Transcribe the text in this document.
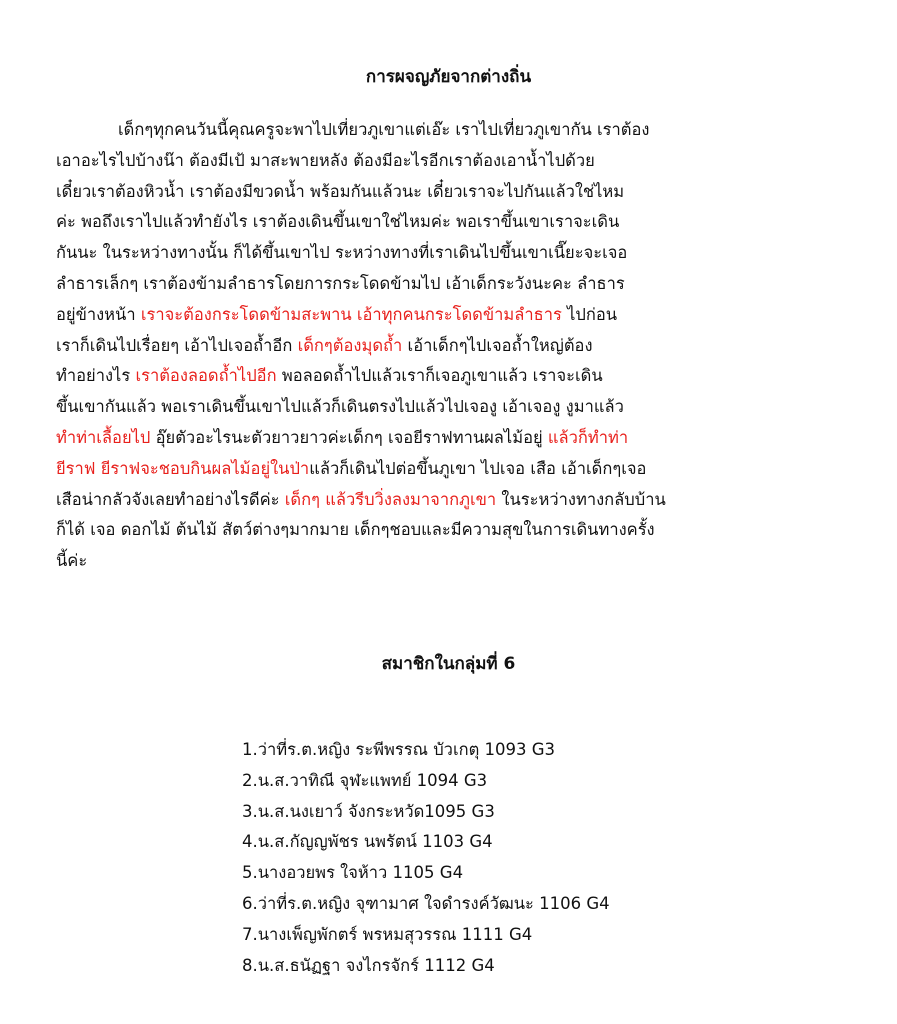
การผจญภัยจากต่างถิ่น
เด็กๆทุกคนวันนี้คุณครูจะพาไปเที่ยวภูเขาแต่เอ๊ะ เราไปเที่ยวภูเขากัน เราต้อง
เอาอะไรไปบ้างน๊า ต้องมีเป้ มาสะพายหลัง ต้องมีอะไรอีกเราต้องเอาน้ำไปด้วย
เดี๋ยวเราต้องหิวน้ำ เราต้องมีขวดน้ำ พร้อมกันแล้วนะ เดี๋ยวเราจะไปกันแล้วใช่ไหม
ค่ะ พอถึงเราไปแล้วทำยังไร เราต้องเดินขึ้นเขาใช่ไหมค่ะ พอเราขึ้นเขาเราจะเดิน
กันนะ ในระหว่างทางนั้น ก็ได้ขึ้นเขาไป ระหว่างทางที่เราเดินไปขึ้นเขาเนี๊ยะจะเจอ
ลำธารเล็กๆ เราต้องข้ามลำธารโดยการกระโดดข้ามไป เอ้าเด็กระวังนะคะ ลำธาร
อยู่ข้างหน้า เราจะต้องกระโดดข้ามสะพาน เอ้าทุกคนกระโดดข้ามลำธาร ไปก่อน
เราก็เดินไปเรื่อยๆ เอ้าไปเจอถ้ำอีก เด็กๆต้องมุดถ้ำ เอ้าเด็กๆไปเจอถ้ำใหญ่ต้อง
ทำอย่างไร เราต้องลอดถ้ำไปอีก พอลอดถ้ำไปแล้วเราก็เจอภูเขาแล้ว เราจะเดิน
ขึ้นเขากันแล้ว พอเราเดินขึ้นเขาไปแล้วก็เดินตรงไปแล้วไปเจองู เอ้าเจองู งูมาแล้ว
ทำท่าเลื้อยไป อุ๊ยตัวอะไรนะตัวยาวยาวค่ะเด็กๆ เจอยีราฟทานผลไม้อยู่ แล้วก็ทำท่า
ยีราฟ ยีราฟจะชอบกินผลไม้อยู่ในป่าแล้วก็เดินไปต่อขึ้นภูเขา ไปเจอ เสือ เอ้าเด็กๆเจอ
เสือน่ากลัวจังเลยทำอย่างไรดีค่ะ เด็กๆ แล้วรีบวิ่งลงมาจากภูเขา ในระหว่างทางกลับบ้าน
ก็ได้ เจอ ดอกไม้ ต้นไม้ สัตว์ต่างๆมากมาย เด็กๆชอบและมีความสุขในการเดินทางครั้ง
นี้ค่ะ
สมาชิกในกลุ่มที่ 6
1.ว่าที่ร.ต.หญิง ระพีพรรณ บัวเกตุ 1093 G3
2.น.ส.วาทิณี จุฬะแพทย์ 1094 G3
3.น.ส.นงเยาว์ จังกระหวัด1095 G3
4.น.ส.กัญญพัชร นพรัตน์ 1103 G4
5.นางอวยพร ใจห้าว 1105 G4
6.ว่าที่ร.ต.หญิง จุฑามาศ ใจดำรงค์วัฒนะ 1106 G4
7.นางเพ็ญพักตร์ พรหมสุวรรณ 1111 G4
8.น.ส.ธนัฏฐา จงไกรจักร์ 1112 G4
